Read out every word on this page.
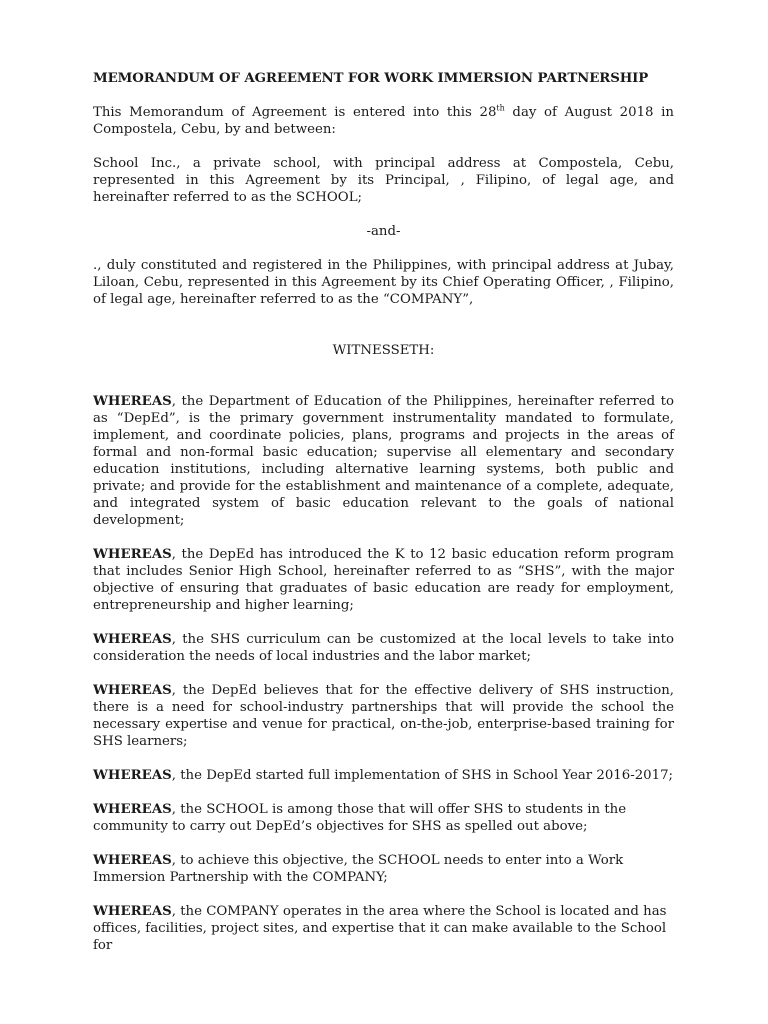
MEMORANDUM OF AGREEMENT FOR WORK IMMERSION PARTNERSHIP
This Memorandum of Agreement is entered into this 28th day of August 2018 in Compostela, Cebu, by and between:
School Inc., a private school, with principal address at Compostela, Cebu, represented in this Agreement by its Principal, , Filipino, of legal age, and hereinafter referred to as the SCHOOL;
-and-
., duly constituted and registered in the Philippines, with principal address at Jubay, Liloan, Cebu, represented in this Agreement by its Chief Operating Officer, , Filipino, of legal age, hereinafter referred to as the “COMPANY”,
WITNESSETH:
WHEREAS, the Department of Education of the Philippines, hereinafter referred to as “DepEd”, is the primary government instrumentality mandated to formulate, implement, and coordinate policies, plans, programs and projects in the areas of formal and non-formal basic education; supervise all elementary and secondary education institutions, including alternative learning systems, both public and private; and provide for the establishment and maintenance of a complete, adequate, and integrated system of basic education relevant to the goals of national development;
WHEREAS, the DepEd has introduced the K to 12 basic education reform program that includes Senior High School, hereinafter referred to as “SHS”, with the major objective of ensuring that graduates of basic education are ready for employment, entrepreneurship and higher learning;
WHEREAS, the SHS curriculum can be customized at the local levels to take into consideration the needs of local industries and the labor market;
WHEREAS, the DepEd believes that for the effective delivery of SHS instruction, there is a need for school-industry partnerships that will provide the school the necessary expertise and venue for practical, on-the-job, enterprise-based training for SHS learners;
WHEREAS, the DepEd started full implementation of SHS in School Year 2016-2017;
WHEREAS, the SCHOOL is among those that will offer SHS to students in the community to carry out DepEd’s objectives for SHS as spelled out above;
WHEREAS, to achieve this objective, the SCHOOL needs to enter into a Work Immersion Partnership with the COMPANY;
WHEREAS, the COMPANY operates in the area where the School is located and has offices, facilities, project sites, and expertise that it can make available to the School for
